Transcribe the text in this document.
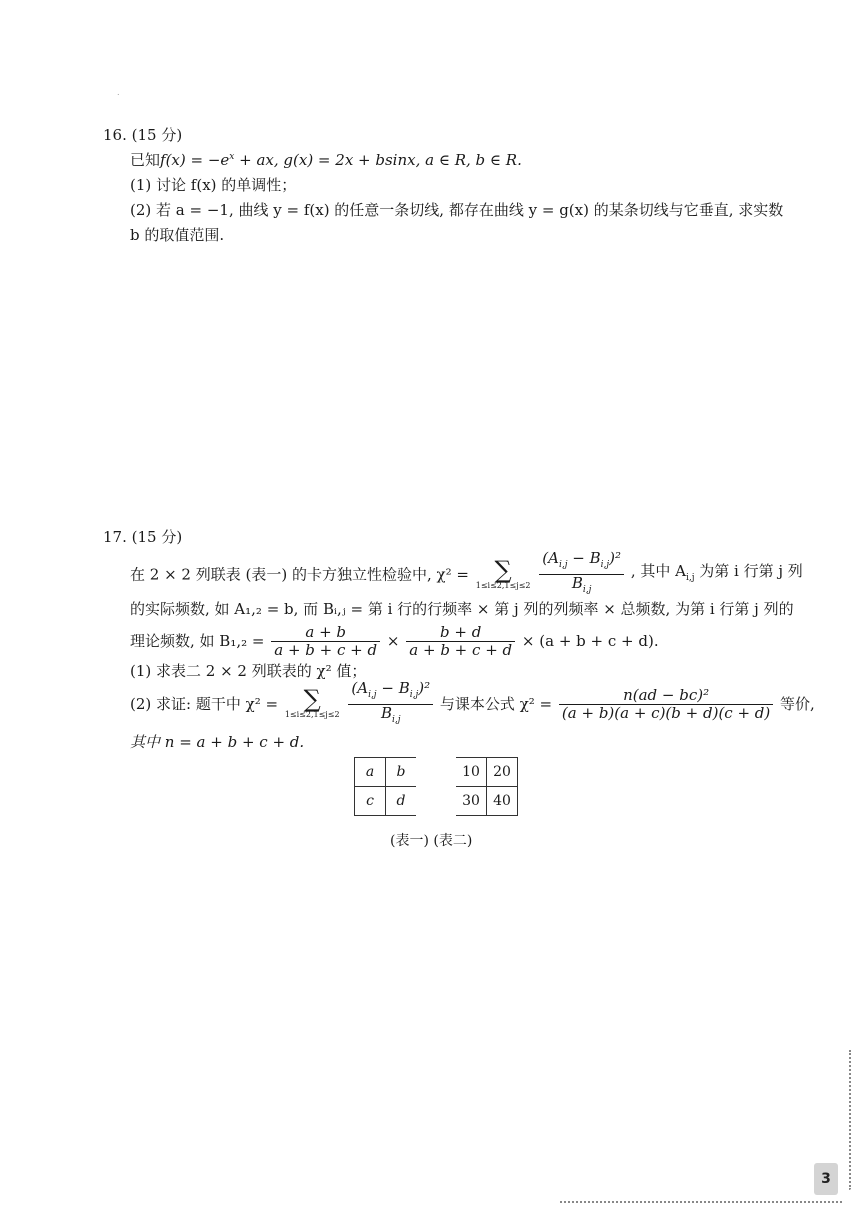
.
16. (15 分)
已知$f(x) = -e^x$ + ax, g(x) = 2x + bsinx, a ∈ R, b ∈ R.
(1) 讨论 f(x) 的单调性；
(2) 若 a = −1, 曲线 y = f(x) 的任意一条切线, 都存在曲线 y = g(x) 的某条切线与它垂直, 求实数
b 的取值范围.
17. (15 分)
在 2 × 2 列联表 (表一) 的卡方独立性检验中, χ² =	∑
1≤i≤2,1≤j≤2
$\frac{(A_{i,j} - B_{i,j})^2}{B_{i,j}}$ , 其中 $A_{i,j}$ 为第 i 行第 j 列
的实际频数, 如 A₁,₂ = b, 而 Bᵢ,ⱼ = 第 i 行的行频率 × 第 j 列的列频率 × 总频数, 为第 i 行第 j 列的
理论频数, 如 $B_1,_2 = \frac{a + b}{a + b + c + d} \times \frac{b + d}{a + b + c + d} \times (a + b + c + d)$.
(1) 求表二 2 × 2 列联表的 χ² 值；
(2) 求证: 题干中 χ² =	∑
1≤i≤2,1≤j≤2
$\frac{(A_{i,j} - B_{i,j})^2}{B_{i,j}}$ 与课本公式 $\chi^2 = \frac{\text{n(ad − bc)²}}{(a + b)(a + c)(b + d)(c + d)}$ 等价,
其中 n = a + b + c + d.
a	b
c	d
10	20
30	40
(表一) (表二)
3
